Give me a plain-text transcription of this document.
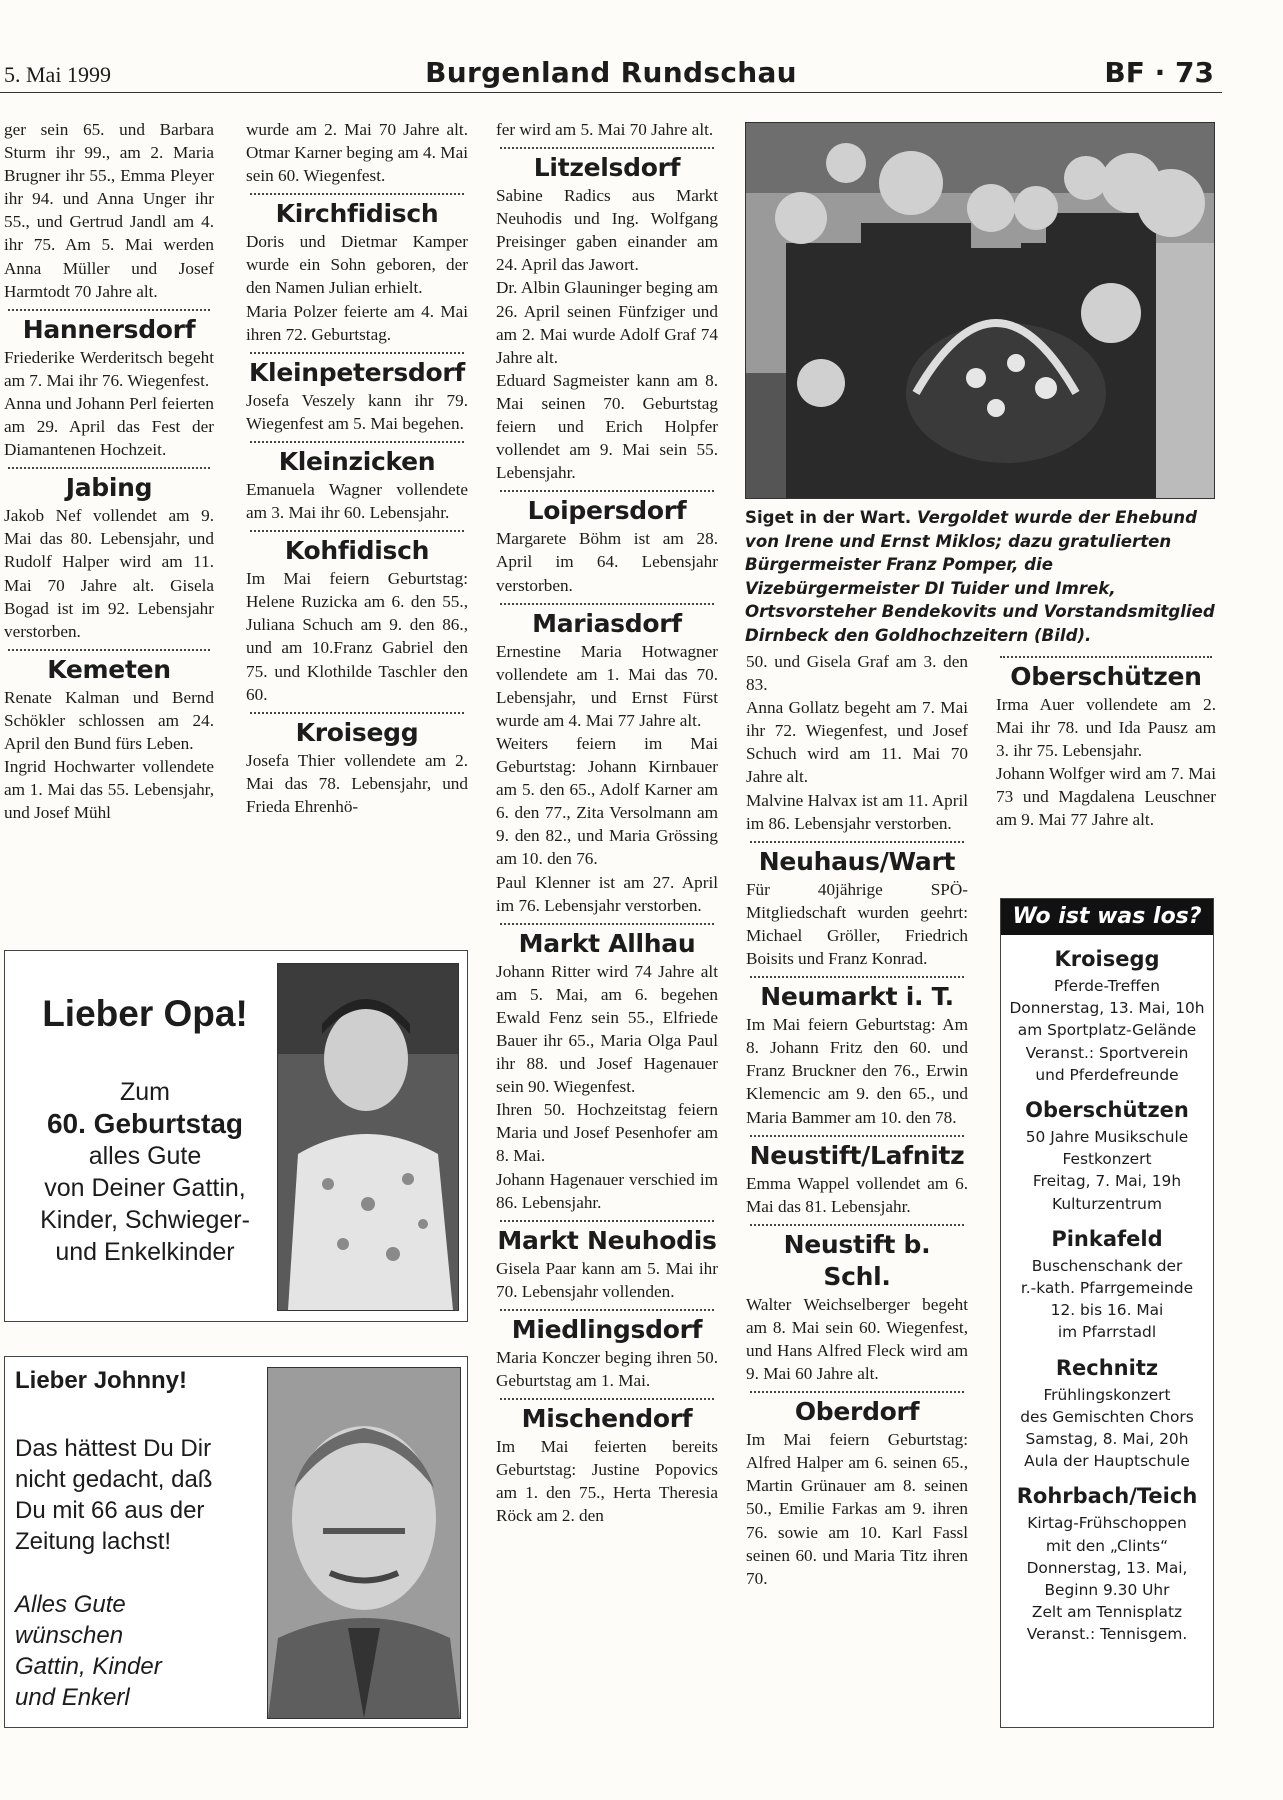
5. Mai 1999	Burgenland Rundschau	BF · 73

ger sein 65. und Barbara Sturm ihr 99., am 2. Maria Brugner ihr 55., Emma Pleyer ihr 94. und Anna Unger ihr 55., und Gertrud Jandl am 4. ihr 75. Am 5. Mai werden Anna Müller und Josef Harmtodt 70 Jahre alt.

Hannersdorf

Friederike Werderitsch begeht am 7. Mai ihr 76. Wiegenfest.

Anna und Johann Perl feierten am 29. April das Fest der Diamantenen Hochzeit.

Jabing

Jakob Nef vollendet am 9. Mai das 80. Lebensjahr, und Rudolf Halper wird am 11. Mai 70 Jahre alt. Gisela Bogad ist im 92. Lebensjahr verstorben.

Kemeten

Renate Kalman und Bernd Schökler schlossen am 24. April den Bund fürs Leben.

Ingrid Hochwarter vollendete am 1. Mai das 55. Lebensjahr, und Josef Mühl

wurde am 2. Mai 70 Jahre alt. Otmar Karner beging am 4. Mai sein 60. Wiegenfest.

Kirchfidisch

Doris und Dietmar Kamper wurde ein Sohn geboren, der den Namen Julian erhielt.

Maria Polzer feierte am 4. Mai ihren 72. Geburtstag.

Kleinpetersdorf

Josefa Veszely kann ihr 79. Wiegenfest am 5. Mai begehen.

Kleinzicken

Emanuela Wagner vollendete am 3. Mai ihr 60. Lebensjahr.

Kohfidisch

Im Mai feiern Geburtstag: Helene Ruzicka am 6. den 55., Juliana Schuch am 9. den 86., und am 10.Franz Gabriel den 75. und Klothilde Taschler den 60.

Kroisegg

Josefa Thier vollendete am 2. Mai das 78. Lebensjahr, und Frieda Ehrenhö-

fer wird am 5. Mai 70 Jahre alt.

Litzelsdorf

Sabine Radics aus Markt Neuhodis und Ing. Wolfgang Preisinger gaben einander am 24. April das Jawort.

Dr. Albin Glauninger beging am 26. April seinen Fünfziger und am 2. Mai wurde Adolf Graf 74 Jahre alt.

Eduard Sagmeister kann am 8. Mai seinen 70. Geburtstag feiern und Erich Holpfer vollendet am 9. Mai sein 55. Lebensjahr.

Loipersdorf

Margarete Böhm ist am 28. April im 64. Lebensjahr verstorben.

Mariasdorf

Ernestine Maria Hotwagner vollendete am 1. Mai das 70. Lebensjahr, und Ernst Fürst wurde am 4. Mai 77 Jahre alt.

Weiters feiern im Mai Geburtstag: Johann Kirnbauer am 5. den 65., Adolf Karner am 6. den 77., Zita Versolmann am 9. den 82., und Maria Grössing am 10. den 76.

Paul Klenner ist am 27. April im 76. Lebensjahr verstorben.

Markt Allhau

Johann Ritter wird 74 Jahre alt am 5. Mai, am 6. begehen Ewald Fenz sein 55., Elfriede Bauer ihr 65., Maria Olga Paul ihr 88. und Josef Hagenauer sein 90. Wiegenfest.

Ihren 50. Hochzeitstag feiern Maria und Josef Pesenhofer am 8. Mai.

Johann Hagenauer verschied im 86. Lebensjahr.

Markt Neuhodis

Gisela Paar kann am 5. Mai ihr 70. Lebensjahr vollenden.

Miedlingsdorf

Maria Konczer beging ihren 50. Geburtstag am 1. Mai.

Mischendorf

Im Mai feierten bereits Geburtstag: Justine Popovics am 1. den 75., Herta Theresia Röck am 2. den

50. und Gisela Graf am 3. den 83.

Anna Gollatz begeht am 7. Mai ihr 72. Wiegenfest, und Josef Schuch wird am 11. Mai 70 Jahre alt.

Malvine Halvax ist am 11. April im 86. Lebensjahr verstorben.

Neuhaus/Wart

Für 40jährige SPÖ-Mitgliedschaft wurden geehrt: Michael Gröller, Friedrich Boisits und Franz Konrad.

Neumarkt i. T.

Im Mai feiern Geburtstag: Am 8. Johann Fritz den 60. und Franz Bruckner den 76., Erwin Klemencic am 9. den 65., und Maria Bammer am 10. den 78.

Neustift/Lafnitz

Emma Wappel vollendet am 6. Mai das 81. Lebensjahr.

Neustift b. Schl.

Walter Weichselberger begeht am 8. Mai sein 60. Wiegenfest, und Hans Alfred Fleck wird am 9. Mai 60 Jahre alt.

Oberdorf

Im Mai feiern Geburtstag: Alfred Halper am 6. seinen 65., Martin Grünauer am 8. seinen 50., Emilie Farkas am 9. ihren 76. sowie am 10. Karl Fassl seinen 60. und Maria Titz ihren 70.

Oberschützen

Irma Auer vollendete am 2. Mai ihr 78. und Ida Pausz am 3. ihr 75. Lebensjahr.

Johann Wolfger wird am 7. Mai 73 und Magdalena Leuschner am 9. Mai 77 Jahre alt.

Siget in der Wart. Vergoldet wurde der Ehebund von Irene und Ernst Miklos; dazu gratulierten Bürgermeister Franz Pomper, die Vizebürgermeister DI Tuider und Imrek, Ortsvorsteher Bendekovits und Vorstandsmitglied Dirnbeck den Goldhochzeitern (Bild).
Lieber Opa!
Zum
60. Geburtstag
alles Gute
von Deiner Gattin,
Kinder, Schwieger-
und Enkelkinder
Lieber Johnny!
Das hättest Du Dir nicht gedacht, daß Du mit 66 aus der Zeitung lachst!
Alles Gute wünschen Gattin, Kinder und Enkerl
Wo ist was los?
Kroisegg

Pferde-Treffen
Donnerstag, 13. Mai, 10h
am Sportplatz-Gelände
Veranst.: Sportverein
und Pferdefreunde

Oberschützen

50 Jahre Musikschule
Festkonzert
Freitag, 7. Mai, 19h
Kulturzentrum

Pinkafeld

Buschenschank der
r.-kath. Pfarrgemeinde
12. bis 16. Mai
im Pfarrstadl

Rechnitz

Frühlingskonzert
des Gemischten Chors
Samstag, 8. Mai, 20h
Aula der Hauptschule

Rohrbach/Teich

Kirtag-Frühschoppen
mit den „Clints“
Donnerstag, 13. Mai,
Beginn 9.30 Uhr
Zelt am Tennisplatz
Veranst.: Tennisgem.
